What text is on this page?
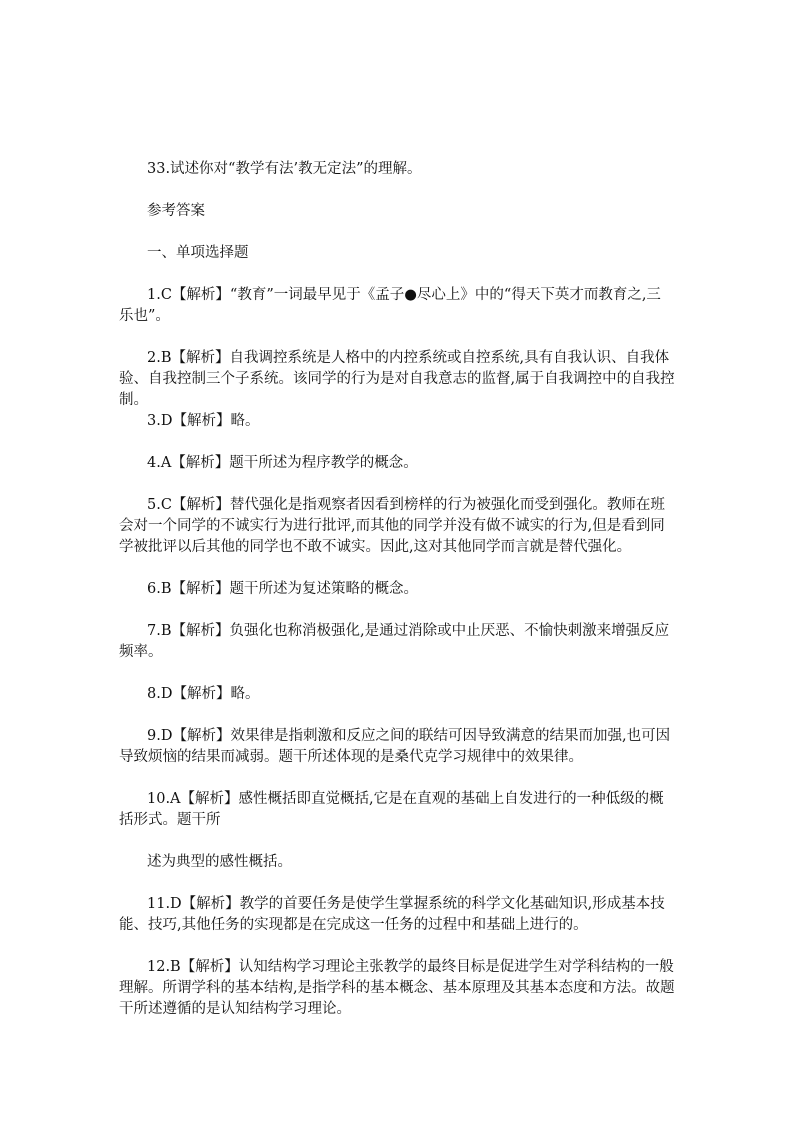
33.试述你对“教学有法’教无定法”的理解。

参考答案

一、单项选择题

1.C【解析】“教育”一词最早见于《孟子●尽心上》中的“得天下英才而教育之,三乐也”。

2.B【解析】自我调控系统是人格中的内控系统或自控系统,具有自我认识、自我体验、自我控制三个子系统。该同学的行为是对自我意志的监督,属于自我调控中的自我控制。

3.D【解析】略。

4.A【解析】题干所述为程序教学的概念。

5.C【解析】替代强化是指观察者因看到榜样的行为被强化而受到强化。教师在班会对一个同学的不诚实行为进行批评,而其他的同学并没有做不诚实的行为,但是看到同学被批评以后其他的同学也不敢不诚实。因此,这对其他同学而言就是替代强化。

6.B【解析】题干所述为复述策略的概念。

7.B【解析】负强化也称消极强化,是通过消除或中止厌恶、不愉快刺激来增强反应频率。

8.D【解析】略。

9.D【解析】效果律是指刺激和反应之间的联结可因导致满意的结果而加强,也可因导致烦恼的结果而减弱。题干所述体现的是桑代克学习规律中的效果律。

10.A【解析】感性概括即直觉概括,它是在直观的基础上自发进行的一种低级的概括形式。题干所

述为典型的感性概括。

11.D【解析】教学的首要任务是使学生掌握系统的科学文化基础知识,形成基本技能、技巧,其他任务的实现都是在完成这一任务的过程中和基础上进行的。

12.B【解析】认知结构学习理论主张教学的最终目标是促进学生对学科结构的一般理解。所谓学科的基本结构,是指学科的基本概念、基本原理及其基本态度和方法。故题干所述遵循的是认知结构学习理论。
